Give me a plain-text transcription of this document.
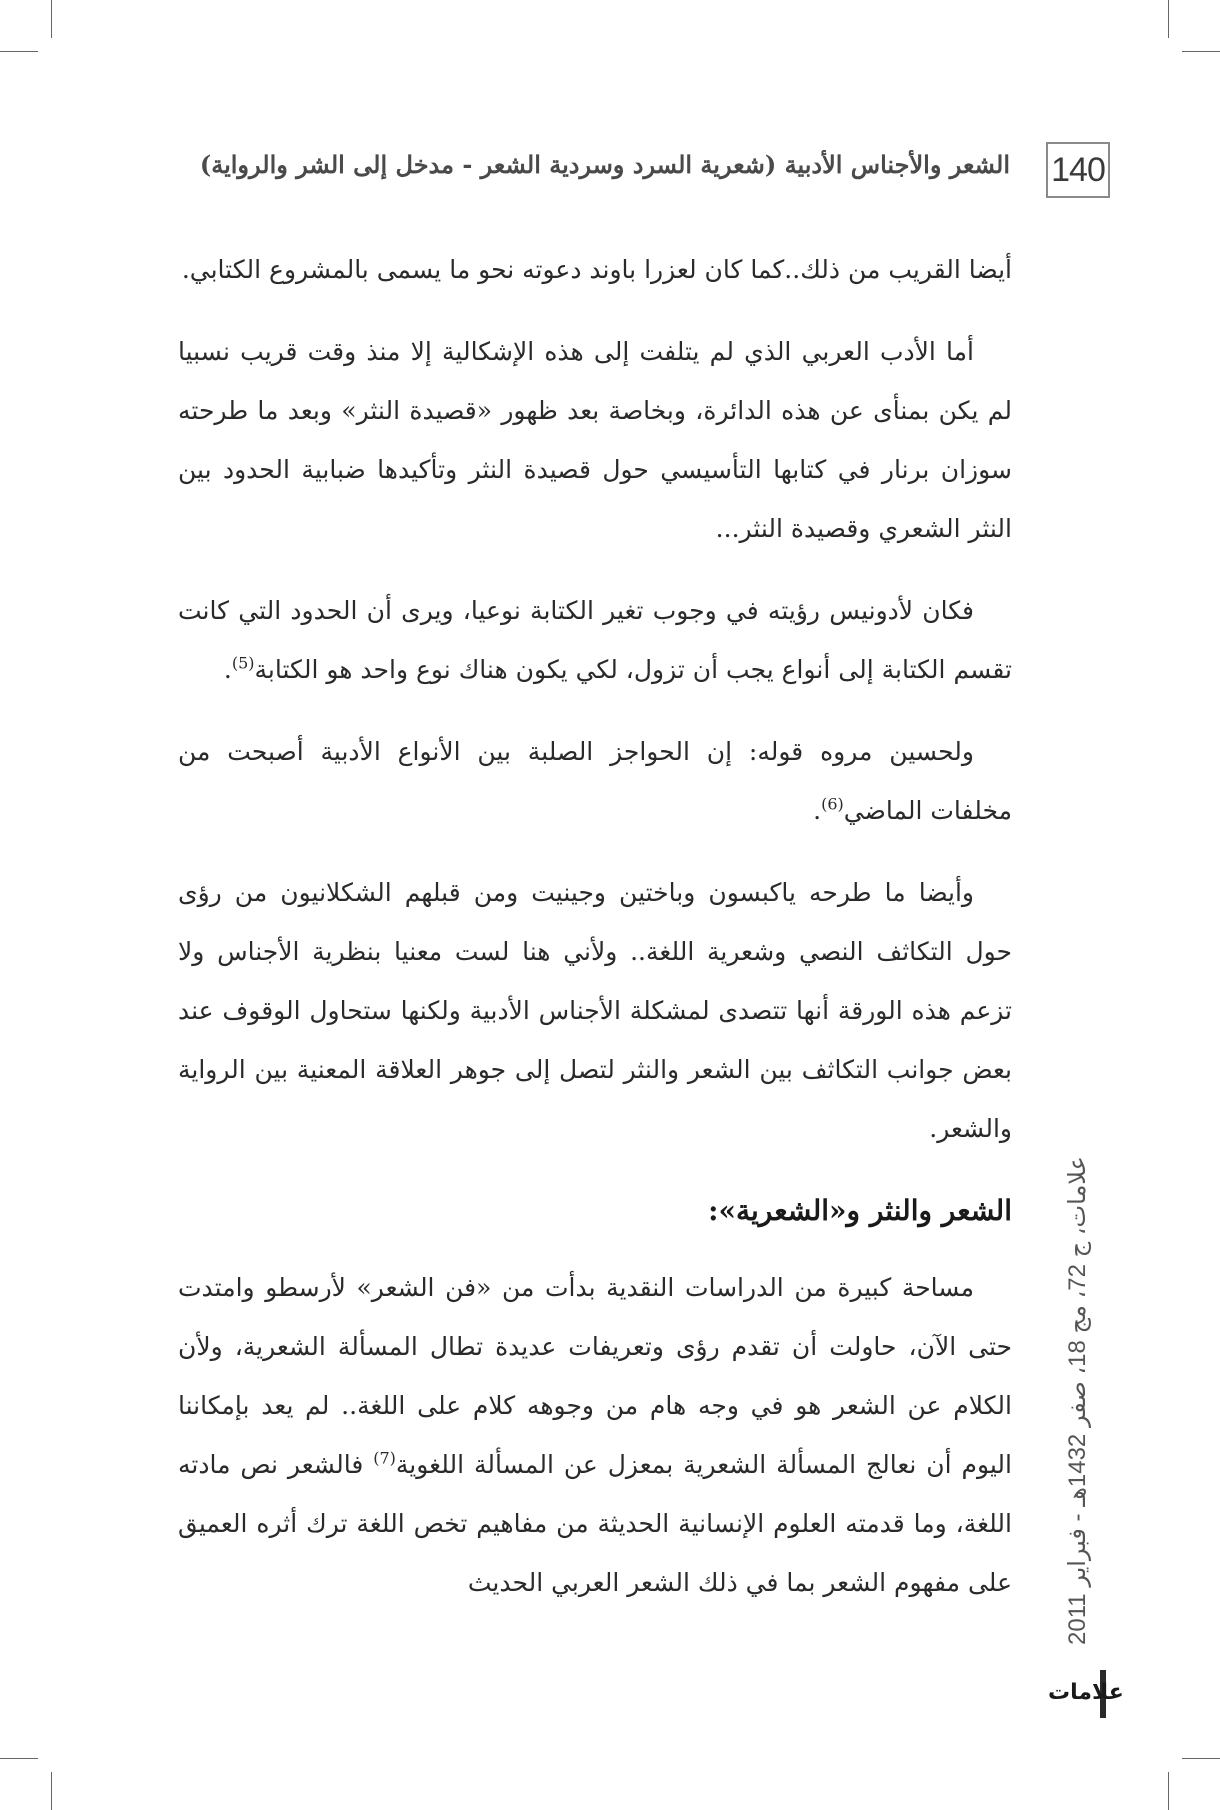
140
الشعر والأجناس الأدبية (شعرية السرد وسردية الشعر - مدخل إلى الشر والرواية)

أيضا القريب من ذلك..كما كان لعزرا باوند دعوته نحو ما يسمى بالمشروع الكتابي.

أما الأدب العربي الذي لم يتلفت إلى هذه الإشكالية إلا منذ وقت قريب نسبيا لم يكن بمنأى عن هذه الدائرة، وبخاصة بعد ظهور «قصيدة النثر» وبعد ما طرحته سوزان برنار في كتابها التأسيسي حول قصيدة النثر وتأكيدها ضبابية الحدود بين النثر الشعري وقصيدة النثر...

فكان لأدونيس رؤيته في وجوب تغير الكتابة نوعيا، ويرى أن الحدود التي كانت تقسم الكتابة إلى أنواع يجب أن تزول، لكي يكون هناك نوع واحد هو الكتابة$^{(5)}$.

ولحسين مروه قوله: إن الحواجز الصلبة بين الأنواع الأدبية أصبحت من مخلفات الماضي$^{(6)}$.

وأيضا ما طرحه ياكبسون وباختين وجينيت ومن قبلهم الشكلانيون من رؤى حول التكاثف النصي وشعرية اللغة.. ولأني هنا لست معنيا بنظرية الأجناس ولا تزعم هذه الورقة أنها تتصدى لمشكلة الأجناس الأدبية ولكنها ستحاول الوقوف عند بعض جوانب التكاثف بين الشعر والنثر لتصل إلى جوهر العلاقة المعنية بين الرواية والشعر.

الشعر والنثر و«الشعرية»:

مساحة كبيرة من الدراسات النقدية بدأت من «فن الشعر» لأرسطو وامتدت حتى الآن، حاولت أن تقدم رؤى وتعريفات عديدة تطال المسألة الشعرية، ولأن الكلام عن الشعر هو في وجه هام من وجوهه كلام على اللغة.. لم يعد بإمكاننا اليوم أن نعالج المسألة الشعرية بمعزل عن المسألة اللغوية$^{(7)}$ فالشعر نص مادته اللغة، وما قدمته العلوم الإنسانية الحديثة من مفاهيم تخص اللغة ترك أثره العميق على مفهوم الشعر بما في ذلك الشعر العربي الحديث

علامات، ج 72، مج 18، صفر 1432هـ - فبراير 2011
علامات
